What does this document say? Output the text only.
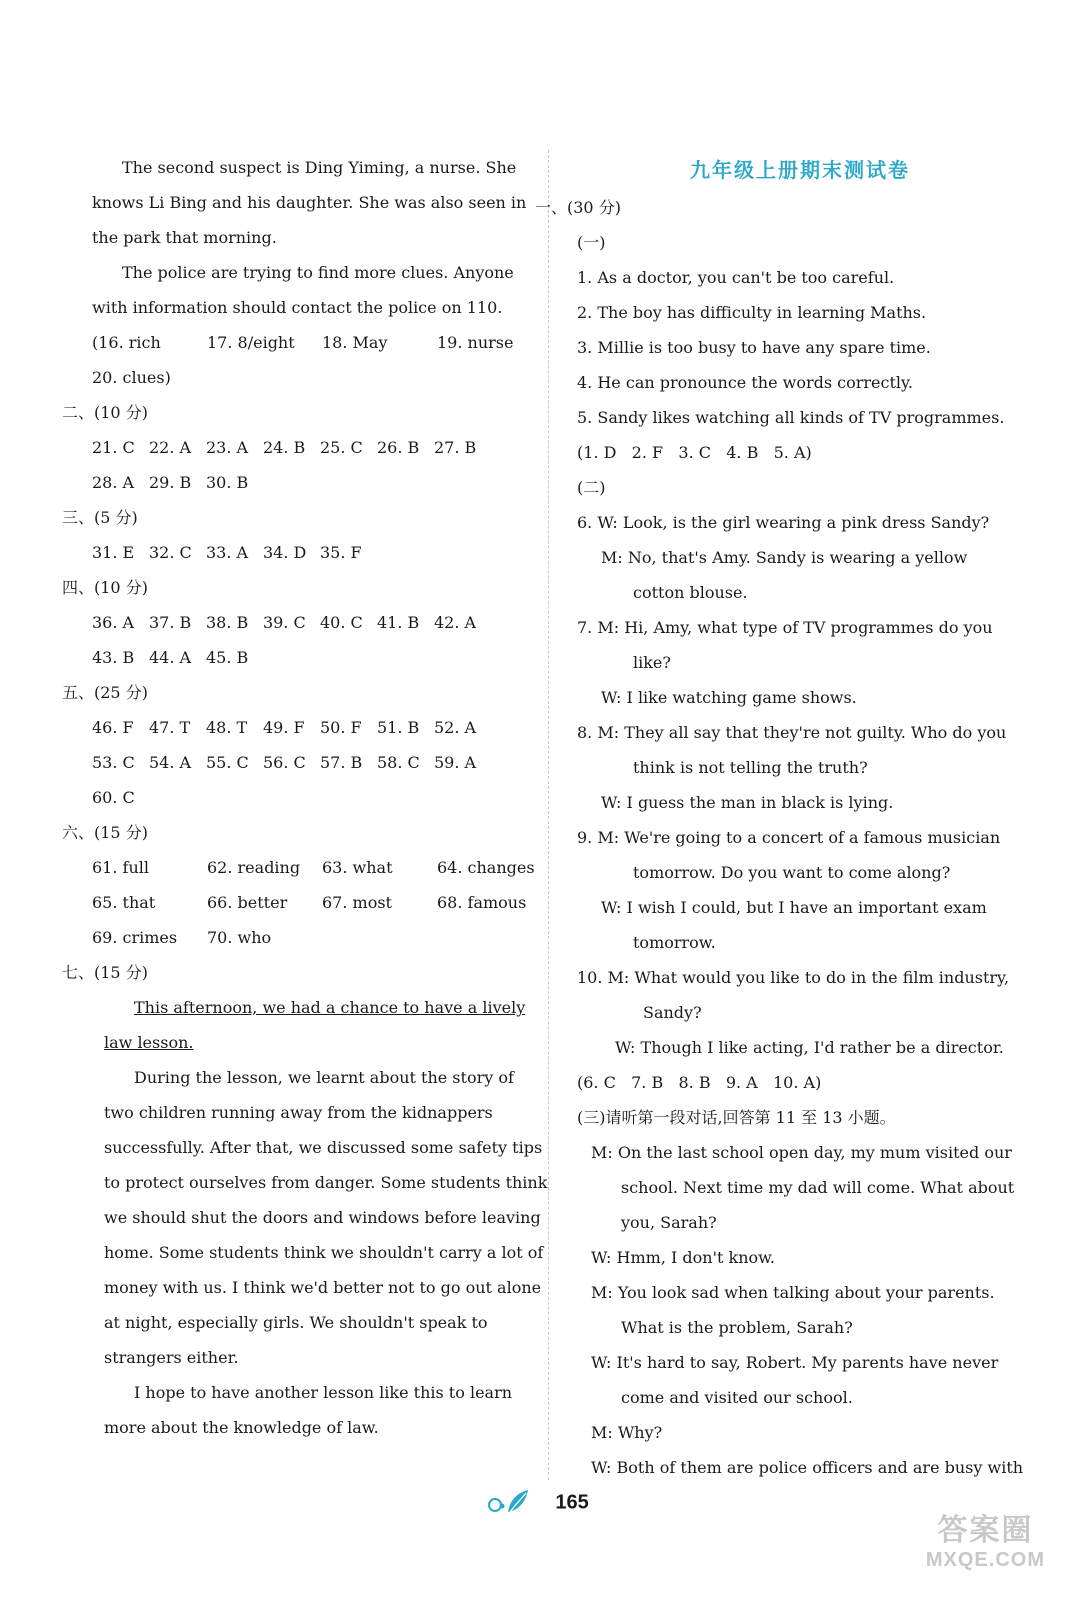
The second suspect is Ding Yiming, a nurse. She
knows Li Bing and his daughter. She was also seen in
the park that morning.
The police are trying to find more clues. Anyone
with information should contact the police on 110.
(16. rich	17. 8/eight 18. May	19. nurse
20. clues)
二、(10 分)
21. C 22. A 23. A 24. B 25. C 26. B 27. B
28. A 29. B 30. B
三、(5 分)
31. E 32. C 33. A 34. D 35. F
四、(10 分)
36. A 37. B 38. B 39. C 40. C 41. B 42. A
43. B 44. A 45. B
五、(25 分)
46. F 47. T 48. T 49. F 50. F 51. B 52. A
53. C 54. A 55. C 56. C 57. B 58. C 59. A
60. C
六、(15 分)
61. full	62. reading 63. what	64. changes
65. that	66. better 67. most	68. famous
69. crimes 70. who
七、(15 分)
This afternoon, we had a chance to have a lively
law lesson.
During the lesson, we learnt about the story of
two children running away from the kidnappers
successfully. After that, we discussed some safety tips
to protect ourselves from danger. Some students think
we should shut the doors and windows before leaving
home. Some students think we shouldn't carry a lot of
money with us. I think we'd better not to go out alone
at night, especially girls. We shouldn't speak to
strangers either.
I hope to have another lesson like this to learn
more about the knowledge of law.
九年级上册期末测试卷
一、(30 分)
(一)
1. As a doctor, you can't be too careful.
2. The boy has difficulty in learning Maths.
3. Millie is too busy to have any spare time.
4. He can pronounce the words correctly.
5. Sandy likes watching all kinds of TV programmes.
(1. D   2. F   3. C   4. B   5. A)
(二)
6. W: Look, is the girl wearing a pink dress Sandy?
M: No, that's Amy. Sandy is wearing a yellow
cotton blouse.
7. M: Hi, Amy, what type of TV programmes do you
like?
W: I like watching game shows.
8. M: They all say that they're not guilty. Who do you
think is not telling the truth?
W: I guess the man in black is lying.
9. M: We're going to a concert of a famous musician
tomorrow. Do you want to come along?
W: I wish I could, but I have an important exam
tomorrow.
10. M: What would you like to do in the film industry,
Sandy?
W: Though I like acting, I'd rather be a director.
(6. C   7. B   8. B   9. A   10. A)
(三)请听第一段对话,回答第 11 至 13 小题。
M: On the last school open day, my mum visited our
school. Next time my dad will come. What about
you, Sarah?
W: Hmm, I don't know.
M: You look sad when talking about your parents.
What is the problem, Sarah?
W: It's hard to say, Robert. My parents have never
come and visited our school.
M: Why?
W: Both of them are police officers and are busy with
165
答案圈
MXQE.COM
